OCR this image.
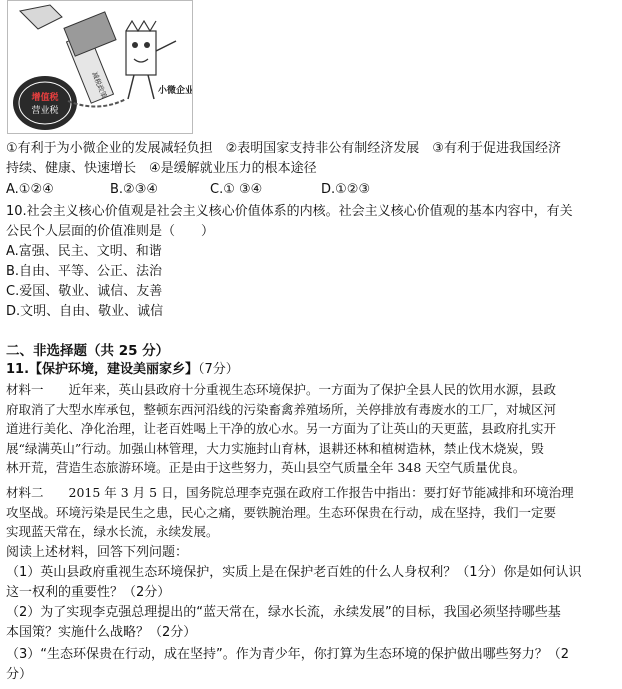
增值税
营业税
减税政策	小微企业
①有利于为小微企业的发展减轻负担　②表明国家支持非公有制经济发展　③有利于促进我国经济
持续、健康、快速增长　④是缓解就业压力的根本途径
A.①②④	B.②③④	C.① ③④	D.①②③
10.社会主义核心价值观是社会主义核心价值体系的内核。社会主义核心价值观的基本内容中，有关
公民个人层面的价值准则是（　　）
A.富强、民主、文明、和谐
B.自由、平等、公正、法治
C.爱国、敬业、诚信、友善
D.文明、自由、敬业、诚信
二、非选择题（共 25 分）
11.【保护环境，建设美丽家乡】（7分）
材料一   近年来，英山县政府十分重视生态环境保护。一方面为了保护全县人民的饮用水源，县政
府取消了大型水库承包，整顿东西河沿线的污染畜禽养殖场所，关停排放有毒废水的工厂，对城区河
道进行美化、净化治理，让老百姓喝上干净的放心水。另一方面为了让英山的天更蓝，县政府扎实开
展“绿满英山”行动。加强山林管理，大力实施封山育林，退耕还林和植树造林，禁止伐木烧炭，毁
林开荒，营造生态旅游环境。正是由于这些努力，英山县空气质量全年 348 天空气质量优良。
材料二   2015 年 3 月 5 日，国务院总理李克强在政府工作报告中指出：要打好节能减排和环境治理
攻坚战。环境污染是民生之患，民心之痛，要铁腕治理。生态环保贵在行动，成在坚持，我们一定要
实现蓝天常在，绿水长流，永续发展。
阅读上述材料，回答下列问题：
（1）英山县政府重视生态环境保护，实质上是在保护老百姓的什么人身权利？（1分）你是如何认识
这一权利的重要性？（2分）
（2）为了实现李克强总理提出的“蓝天常在，绿水长流，永续发展”的目标，我国必须坚持哪些基
本国策？实施什么战略？（2分）
（3）“生态环保贵在行动，成在坚持”。作为青少年，你打算为生态环境的保护做出哪些努力？（2
分）
